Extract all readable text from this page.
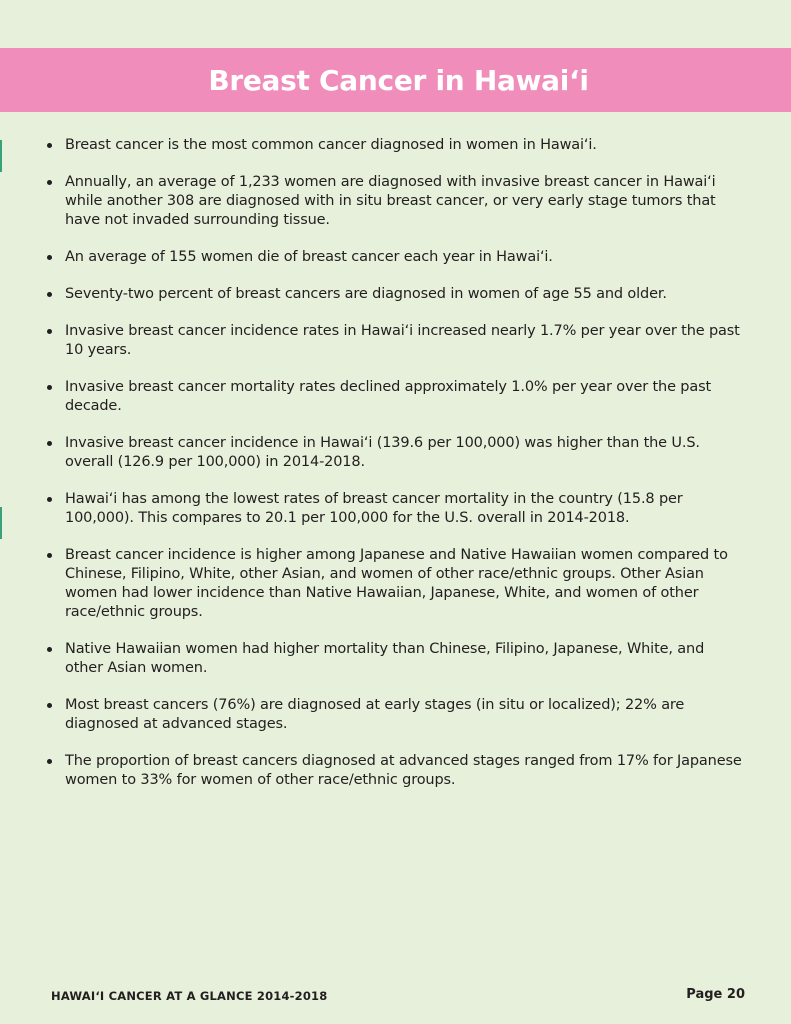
Breast Cancer in Hawai‘i
Breast cancer is the most common cancer diagnosed in women in Hawai‘i.
Annually, an average of 1,233 women are diagnosed with invasive breast cancer in Hawai‘i while another 308 are diagnosed with in situ breast cancer, or very early stage tumors that have not invaded surrounding tissue.
An average of 155 women die of breast cancer each year in Hawai‘i.
Seventy-two percent of breast cancers are diagnosed in women of age 55 and older.
Invasive breast cancer incidence rates in Hawai‘i increased nearly 1.7% per year over the past 10 years.
Invasive breast cancer mortality rates declined approximately 1.0% per year over the past decade.
Invasive breast cancer incidence in Hawai‘i (139.6 per 100,000) was higher than the U.S. overall (126.9 per 100,000) in 2014-2018.
Hawai‘i has among the lowest rates of breast cancer mortality in the country (15.8 per 100,000). This compares to 20.1 per 100,000 for the U.S. overall in 2014-2018.
Breast cancer incidence is higher among Japanese and Native Hawaiian women compared to Chinese, Filipino, White, other Asian, and women of other race/ethnic groups. Other Asian women had lower incidence than Native Hawaiian, Japanese, White, and women of other race/ethnic groups.
Native Hawaiian women had higher mortality than Chinese, Filipino, Japanese, White, and other Asian women.
Most breast cancers (76%) are diagnosed at early stages (in situ or localized); 22% are diagnosed at advanced stages.
The proportion of breast cancers diagnosed at advanced stages ranged from 17% for Japanese women to 33% for women of other race/ethnic groups.
HAWAI‘I CANCER AT A GLANCE 2014-2018	Page 20
